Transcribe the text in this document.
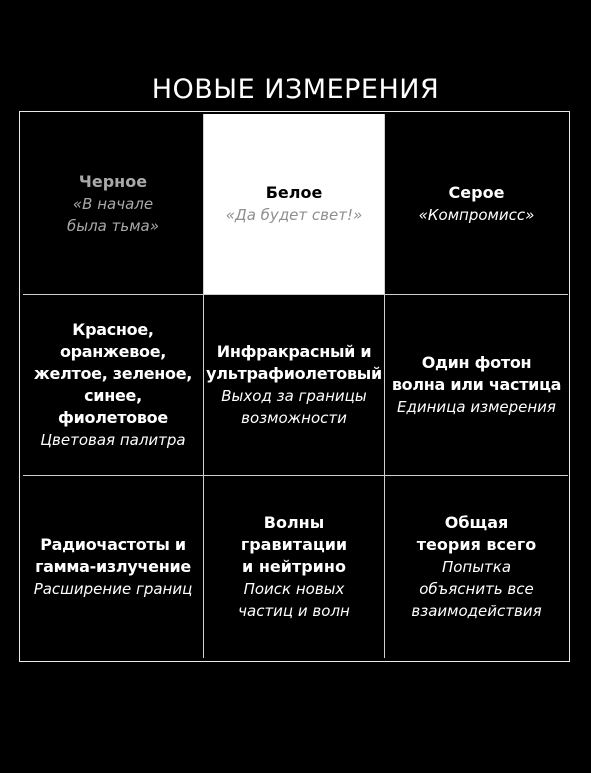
НОВЫЕ ИЗМЕРЕНИЯ
Черное
«В начале
была тьма»
Белое
«Да будет свет!»
Серое
«Компромисс»
Красное,
оранжевое,
желтое, зеленое,
синее, фиолетовое
Цветовая палитра
Инфракрасный и
ультрафиолетовый
Выход за границы
возможности
Один фотон
волна или частица
Единица измерения
Радиочастоты и
гамма-излучение
Расширение границ
Волны
гравитации
и нейтрино
Поиск новых
частиц и волн
Общая
теория всего
Попытка
объяснить все
взаимодействия
